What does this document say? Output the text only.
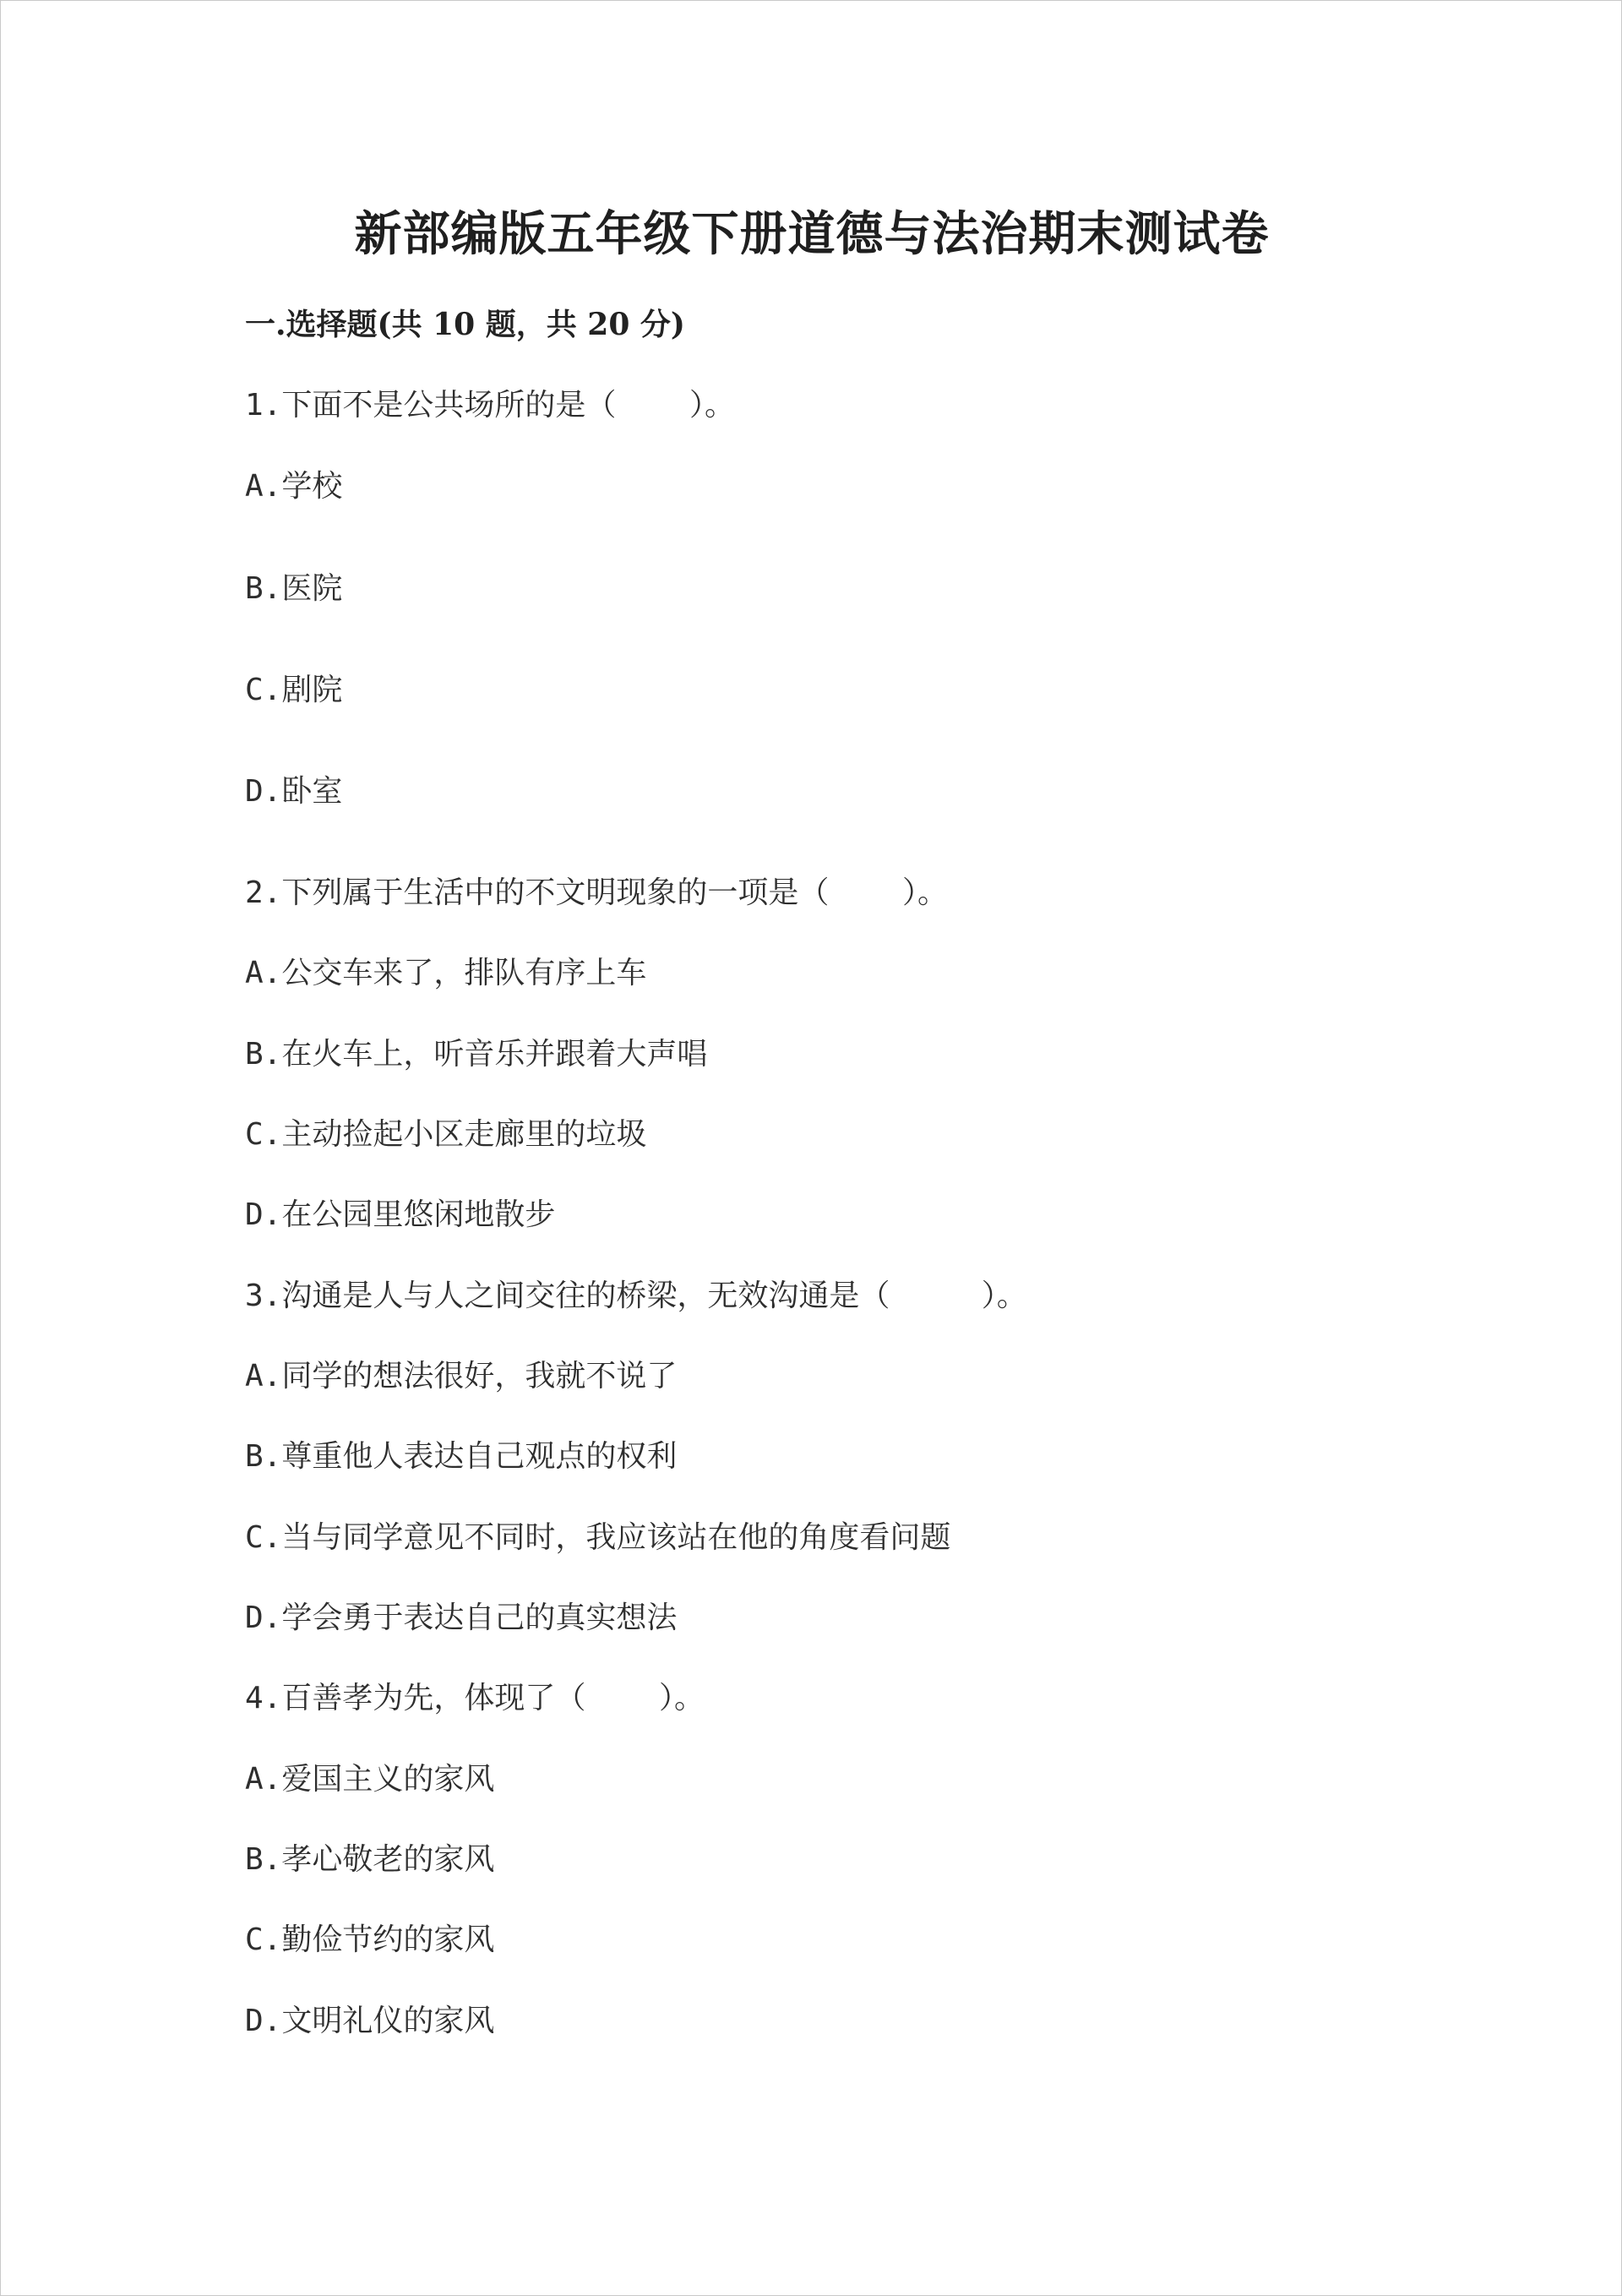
新部编版五年级下册道德与法治期末测试卷
一.选择题(共 10 题，共 20 分)

1.下面不是公共场所的是（    ）。

A.学校

B.医院

C.剧院

D.卧室

2.下列属于生活中的不文明现象的一项是（    ）。

A.公交车来了，排队有序上车

B.在火车上，听音乐并跟着大声唱

C.主动捡起小区走廊里的垃圾

D.在公园里悠闲地散步

3.沟通是人与人之间交往的桥梁，无效沟通是（     ）。

A.同学的想法很好，我就不说了

B.尊重他人表达自己观点的权利

C.当与同学意见不同时，我应该站在他的角度看问题

D.学会勇于表达自己的真实想法

4.百善孝为先，体现了（    ）。

A.爱国主义的家风

B.孝心敬老的家风

C.勤俭节约的家风

D.文明礼仪的家风
